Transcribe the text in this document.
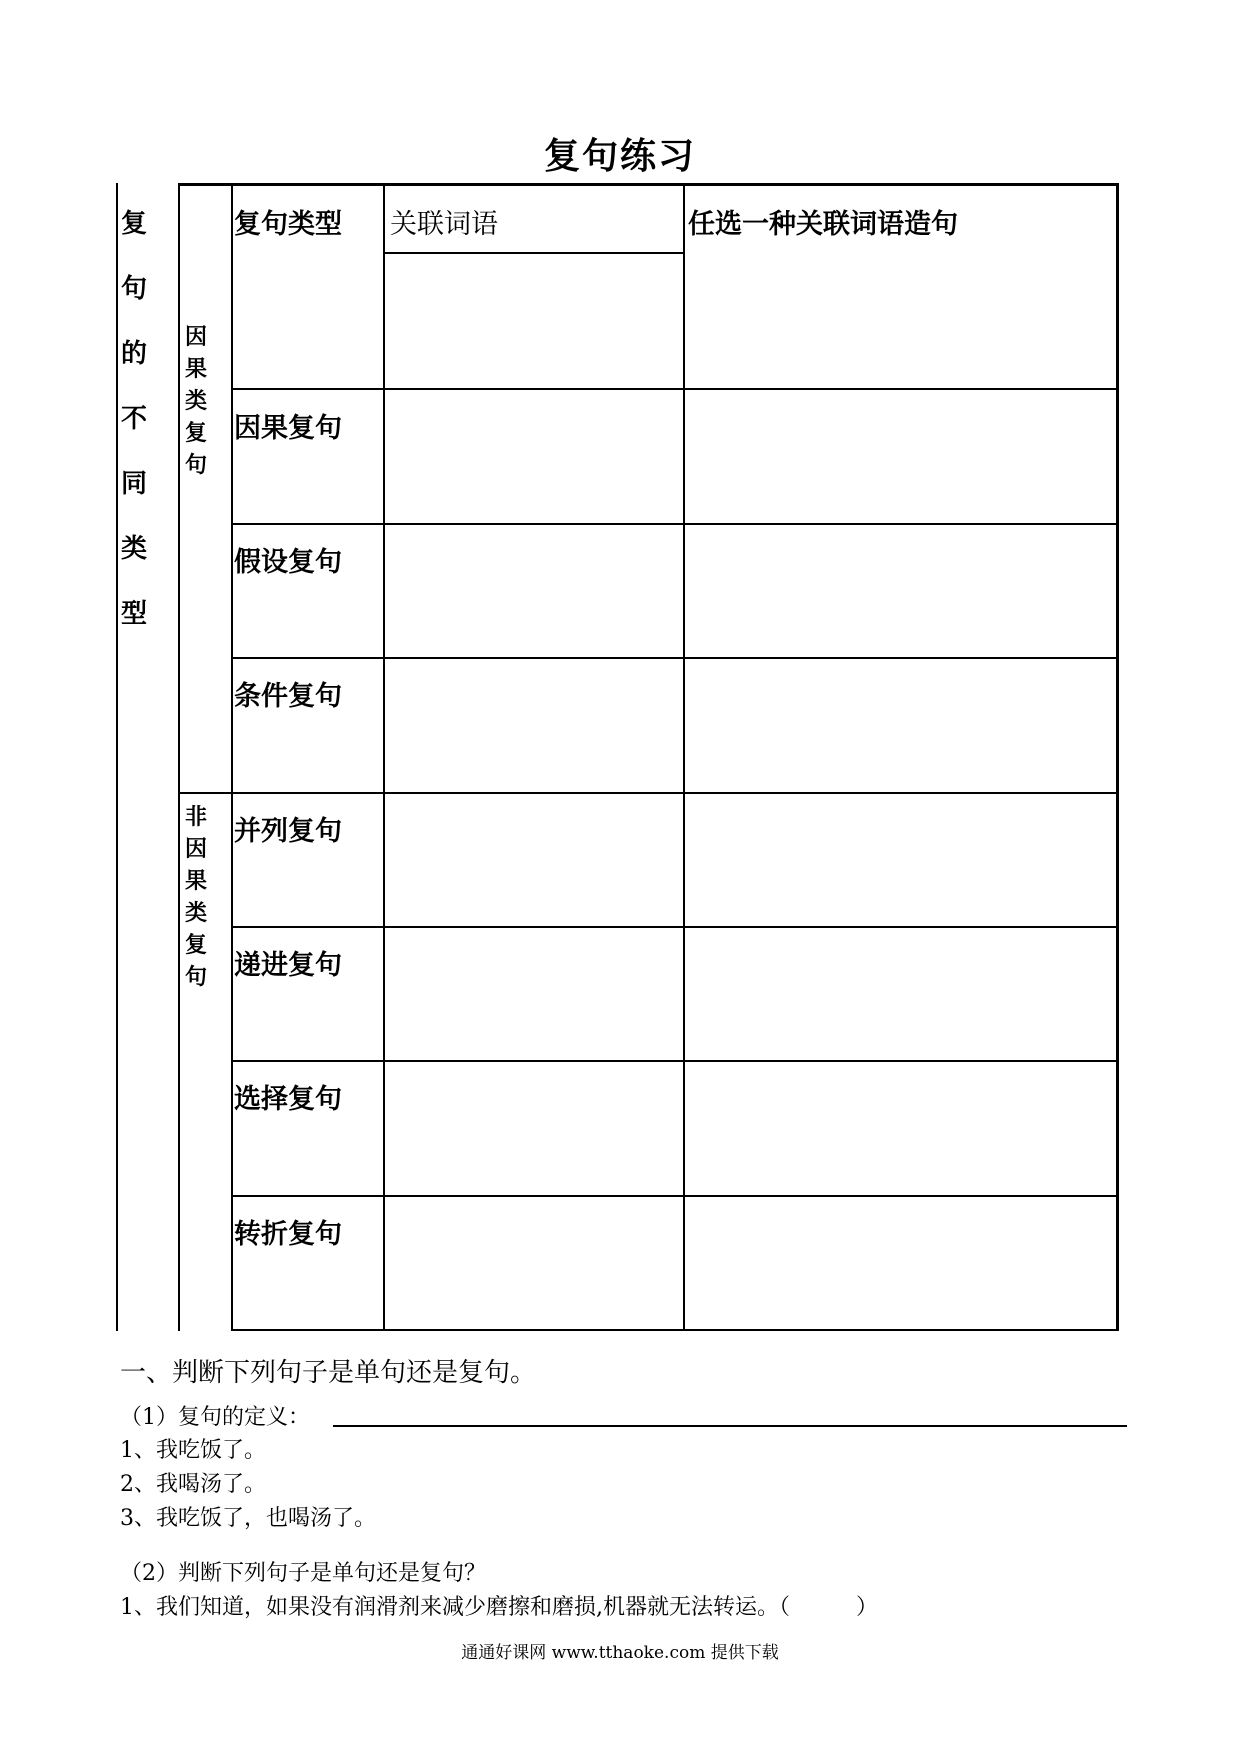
复句练习
复
句
的
不
同
类
型
因
果
类
复
句
非
因
果
类
复
句
复句类型 关联词语	任选一种关联词语造句
因果复句
假设复句
条件复句
并列复句
递进复句
选择复句
转折复句
一、判断下列句子是单句还是复句。
（1）复句的定义：
1、我吃饭了。
2、我喝汤了。
3、我吃饭了，也喝汤了。
（2）判断下列句子是单句还是复句？
1、我们知道，如果没有润滑剂来减少磨擦和磨损,机器就无法转运。（　　　）
通通好课网 www.tthaoke.com 提供下载
